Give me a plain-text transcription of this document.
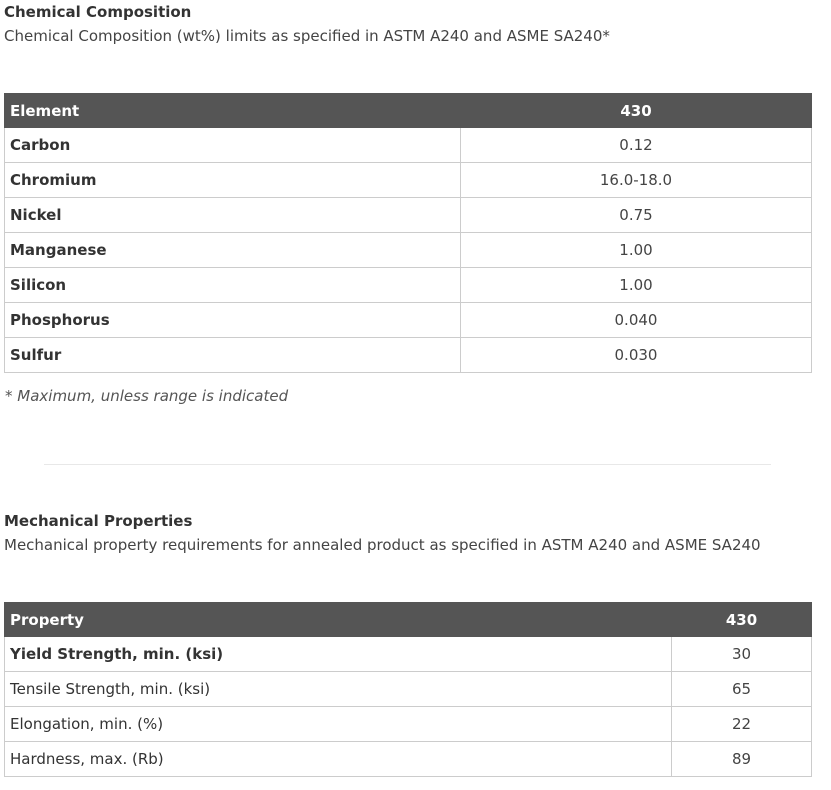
Chemical Composition

Chemical Composition (wt%) limits as specified in ASTM A240 and ASME SA240*

Element	430
Carbon	0.12
Chromium	16.0-18.0
Nickel	0.75
Manganese	1.00
Silicon	1.00
Phosphorus	0.040
Sulfur	0.030

* Maximum, unless range is indicated

Mechanical Properties

Mechanical property requirements for annealed product as specified in ASTM A240 and ASME SA240

Property	430
Yield Strength, min. (ksi)	30
Tensile Strength, min. (ksi)	65
Elongation, min. (%)	22
Hardness, max. (Rb)	89
